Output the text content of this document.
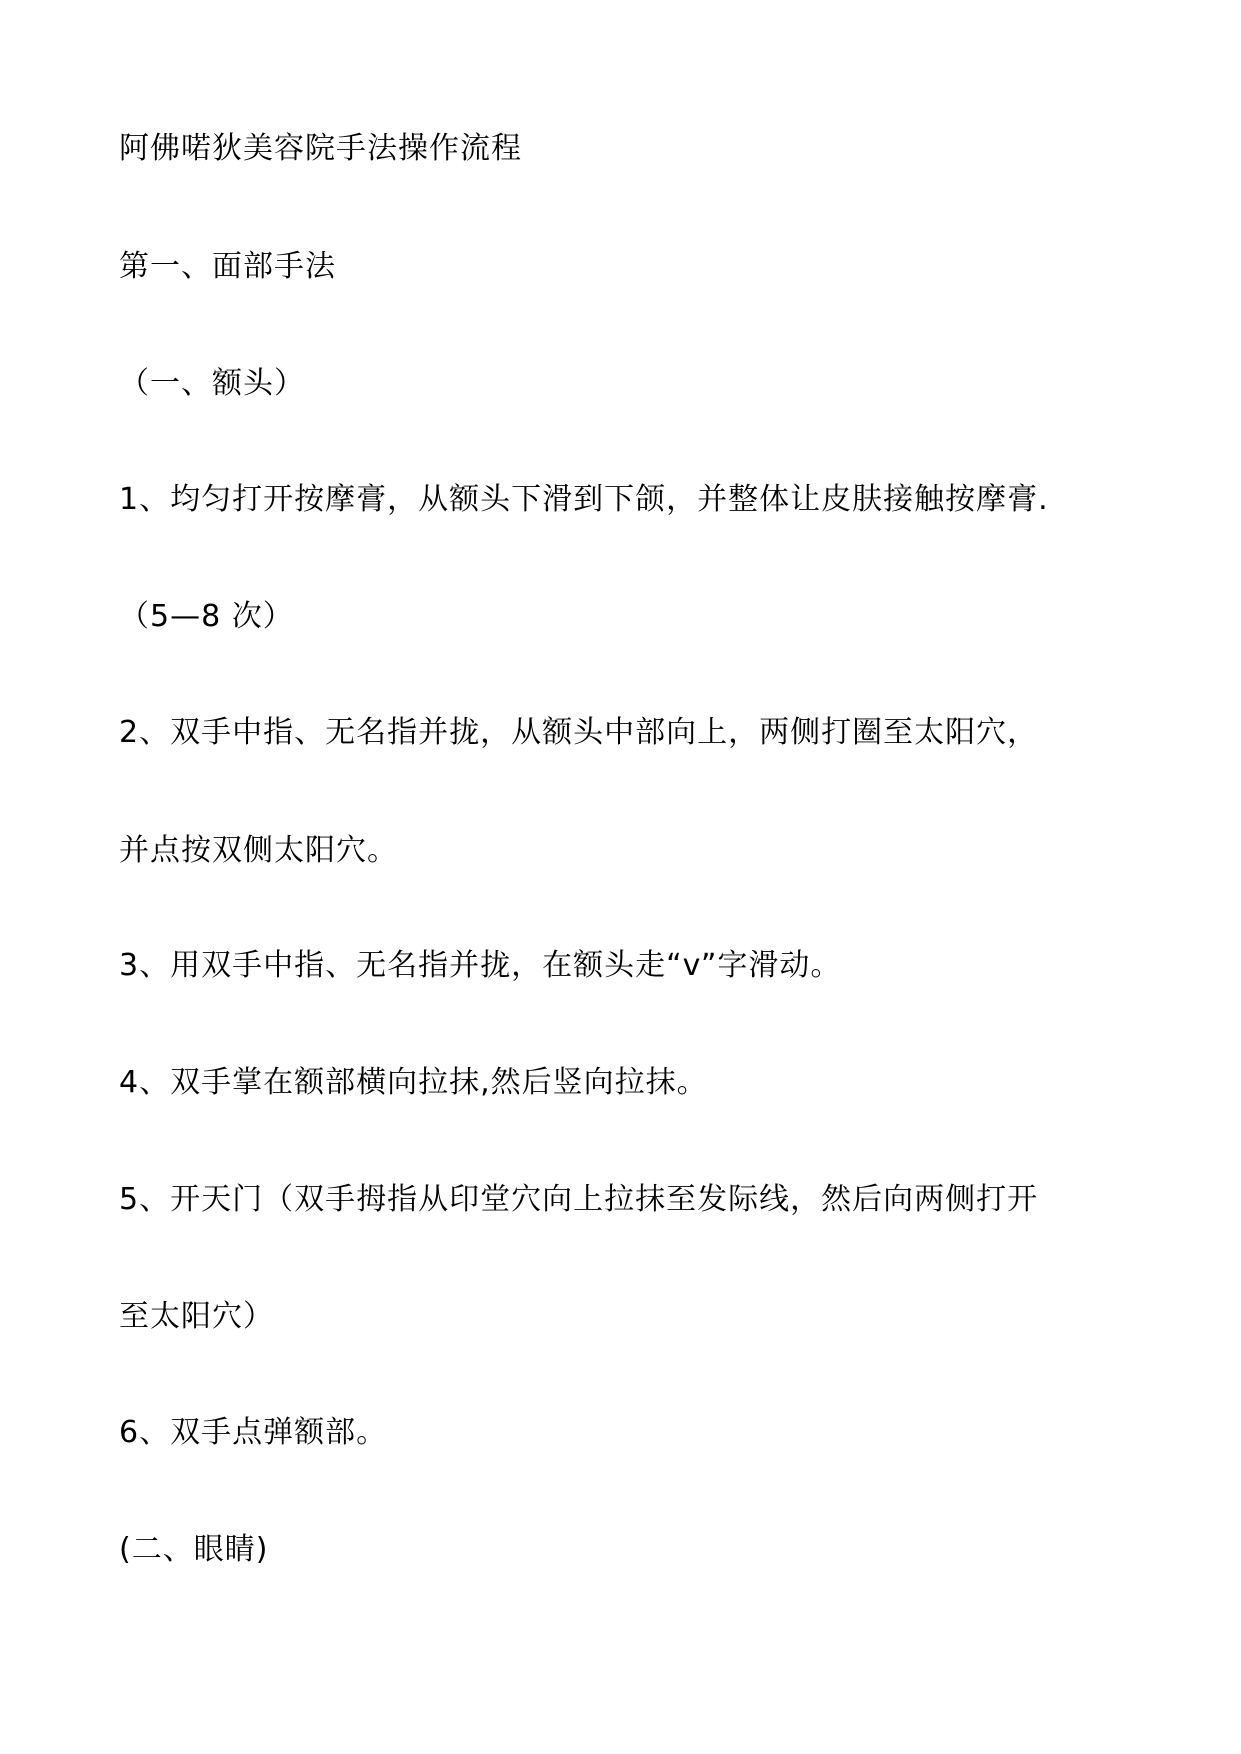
阿佛喏狄美容院手法操作流程
第一、面部手法
（一、额头）
1、均匀打开按摩膏，从额头下滑到下颌，并整体让皮肤接触按摩膏.
（5—8 次）
2、双手中指、无名指并拢，从额头中部向上，两侧打圈至太阳穴，
并点按双侧太阳穴。
3、用双手中指、无名指并拢，在额头走“v”字滑动。
4、双手掌在额部横向拉抹,然后竖向拉抹。
5、开天门（双手拇指从印堂穴向上拉抹至发际线，然后向两侧打开
至太阳穴）
6、双手点弹额部。
(二、眼睛)
